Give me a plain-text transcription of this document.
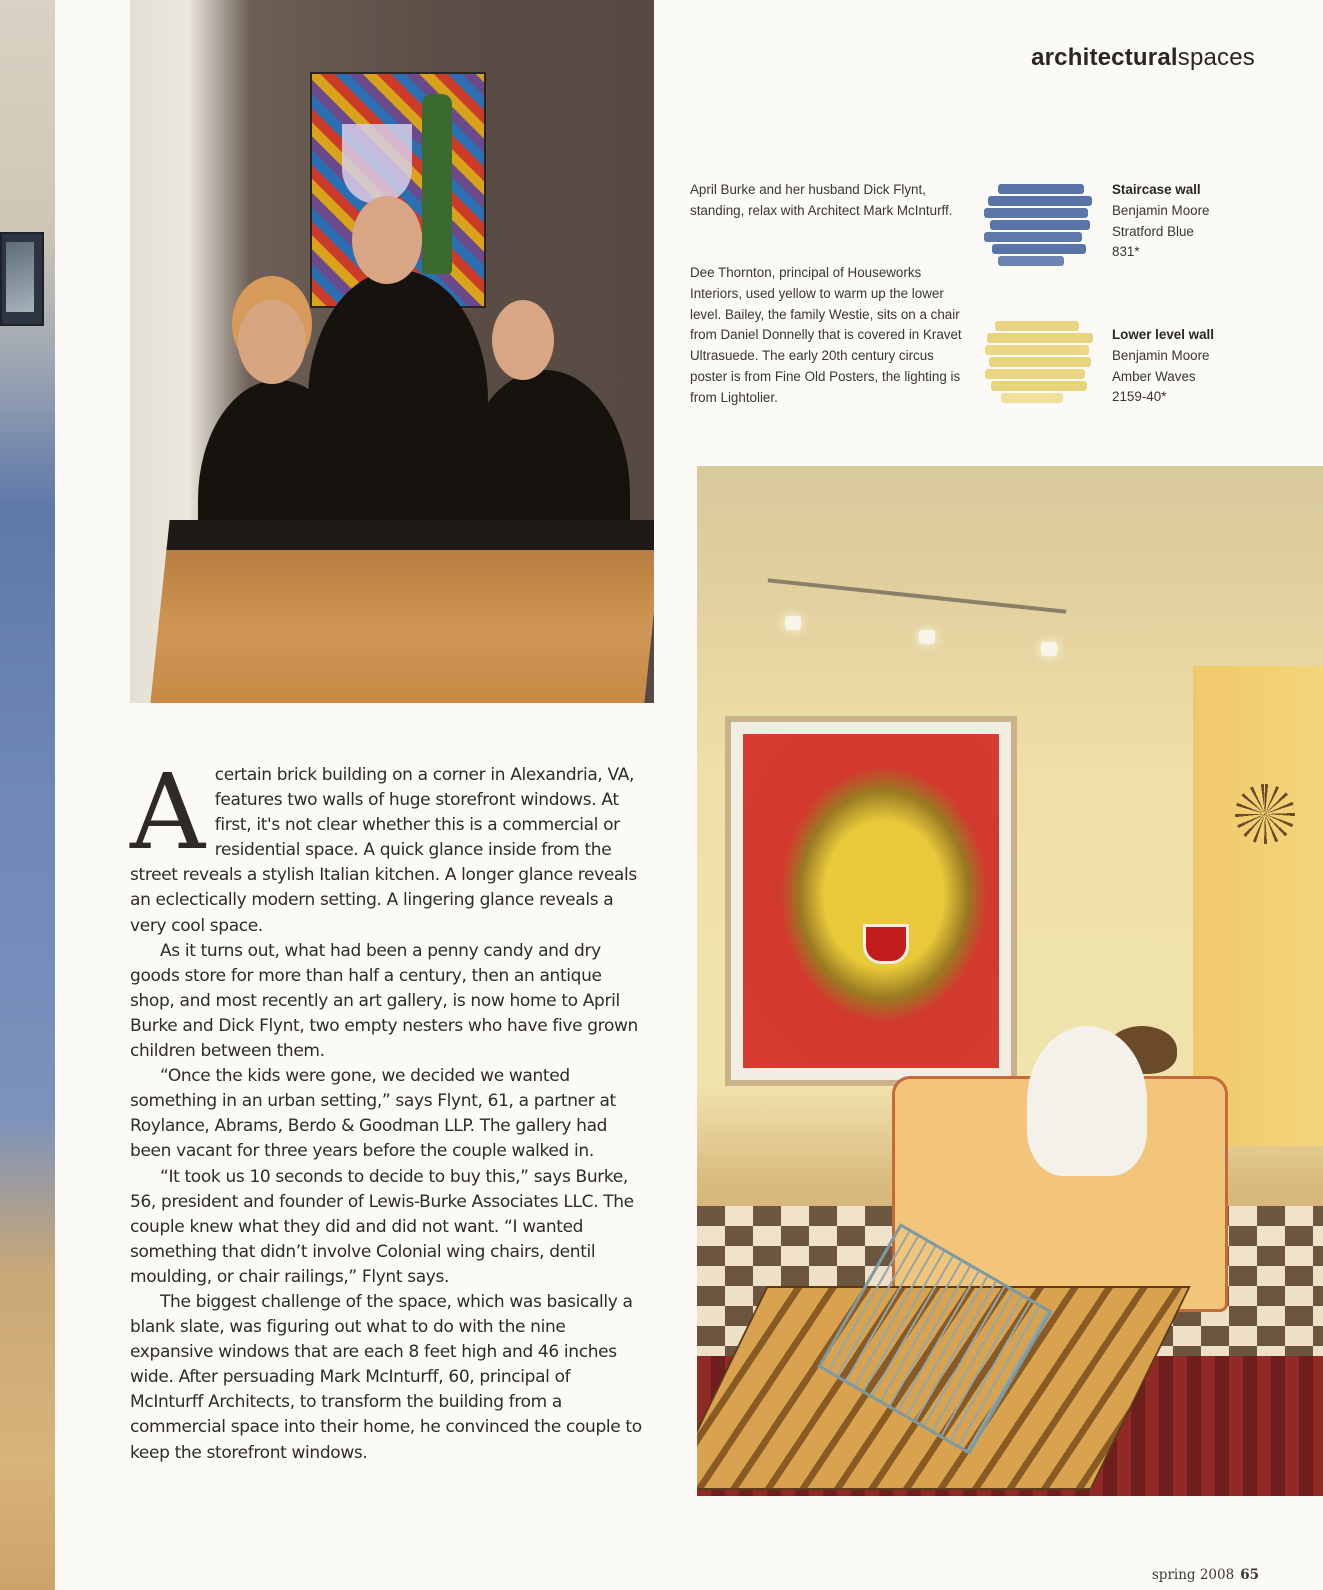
architecturalspaces
April Burke and her husband Dick Flynt, standing, relax with Architect Mark McInturff.
Dee Thornton, principal of Houseworks Interiors, used yellow to warm up the lower level. Bailey, the family Westie, sits on a chair from Daniel Donnelly that is covered in Kravet Ultrasuede. The early 20th century circus poster is from Fine Old Posters, the lighting is from Lightolier.
Staircase wall
Benjamin Moore
Stratford Blue
831*
Lower level wall
Benjamin Moore
Amber Waves
2159-40*

Acertain brick building on a corner in Alexandria, VA, features two walls of huge storefront windows. At first, it's not clear whether this is a commercial or residential space. A quick glance inside from the street reveals a stylish Italian kitchen. A longer glance reveals an eclectically modern setting. A lingering glance reveals a very cool space.

As it turns out, what had been a penny candy and dry goods store for more than half a century, then an antique shop, and most recently an art gallery, is now home to April Burke and Dick Flynt, two empty nesters who have five grown children between them.

“Once the kids were gone, we decided we wanted something in an urban setting,” says Flynt, 61, a partner at Roylance, Abrams, Berdo & Goodman LLP. The gallery had been vacant for three years before the couple walked in.

“It took us 10 seconds to decide to buy this,” says Burke, 56, president and founder of Lewis-Burke Associates LLC. The couple knew what they did and did not want. “I wanted something that didn’t involve Colonial wing chairs, dentil moulding, or chair railings,” Flynt says.

The biggest challenge of the space, which was basically a blank slate, was figuring out what to do with the nine expansive windows that are each 8 feet high and 46 inches wide. After persuading Mark McInturff, 60, principal of McInturff Architects, to transform the building from a commercial space into their home, he convinced the couple to keep the storefront windows.

spring 2008 65
